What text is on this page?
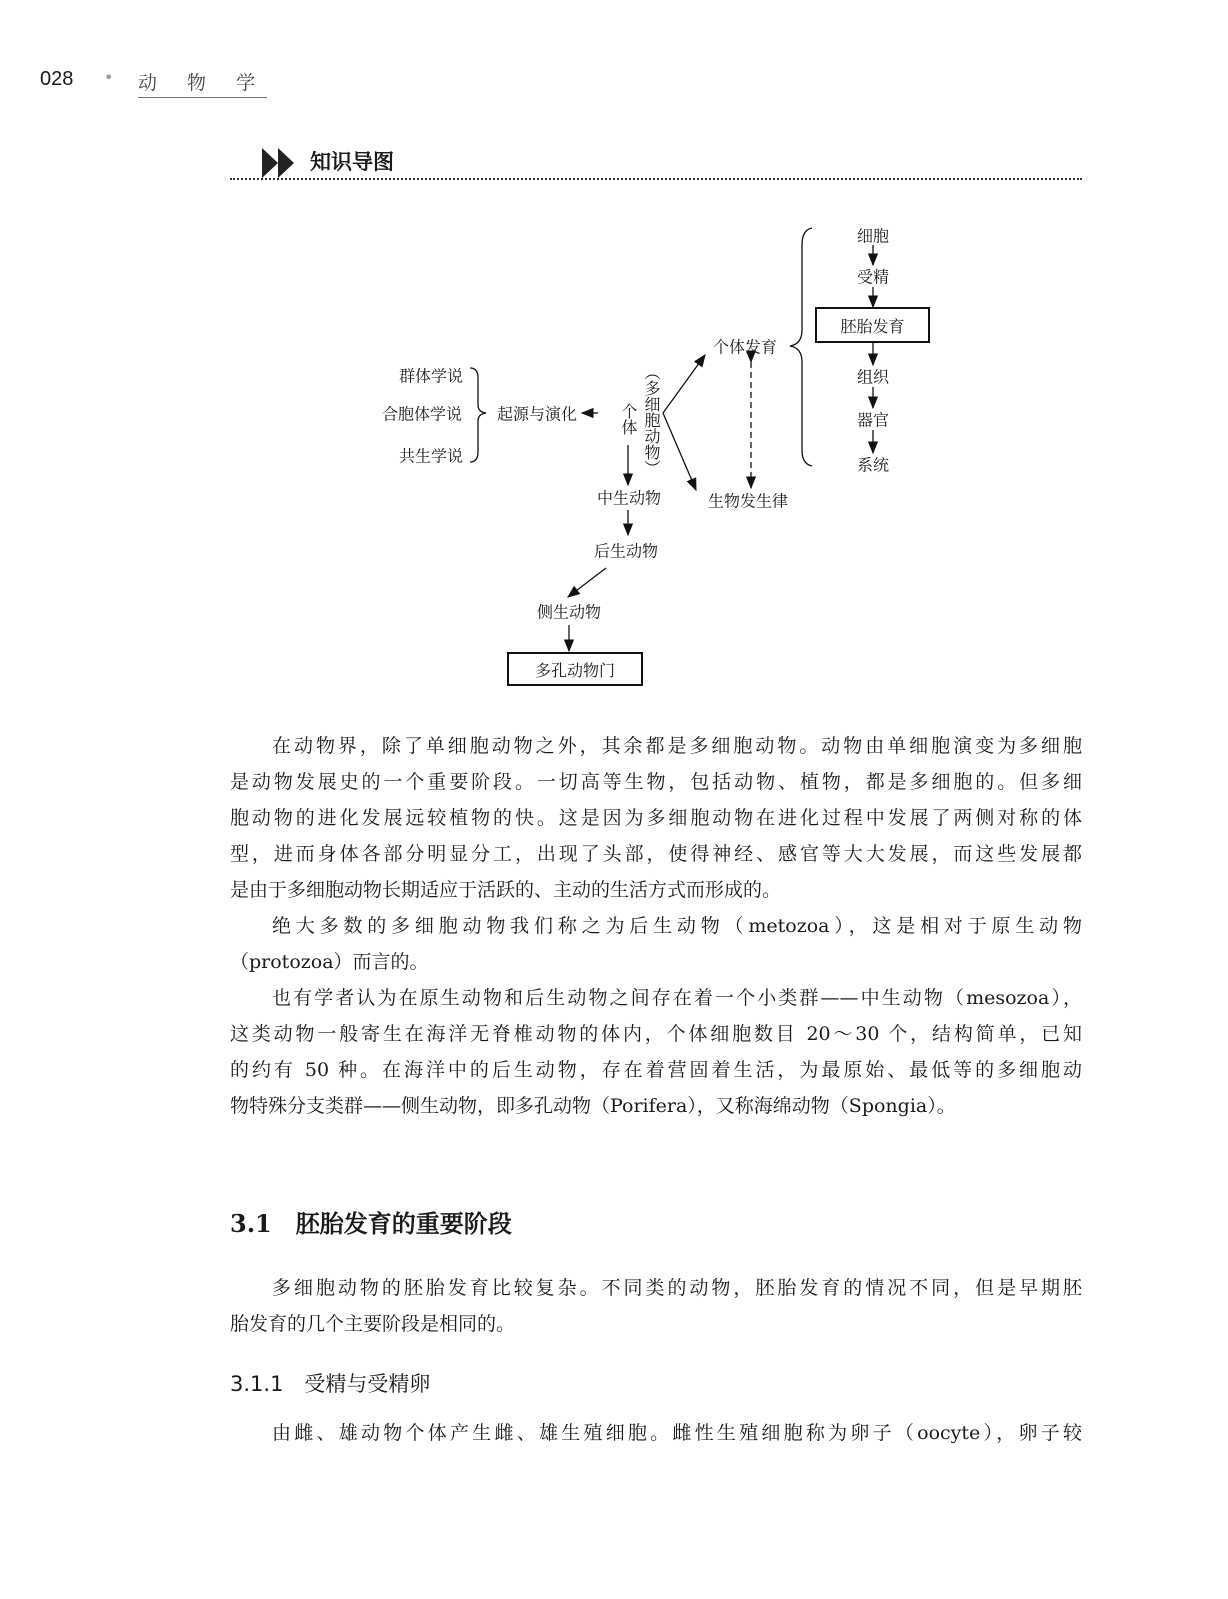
028 • 动 物 学
知识导图
群体学说
合胞体学说
共生学说
起源与演化	个体 （多细胞动物）
个体发育
生物发生律
细胞
受精
胚胎发育
组织
器官
系统
中生动物
后生动物
侧生动物
多孔动物门
在动物界，除了单细胞动物之外，其余都是多细胞动物。动物由单细胞演变为多细胞
是动物发展史的一个重要阶段。一切高等生物，包括动物、植物，都是多细胞的。但多细
胞动物的进化发展远较植物的快。这是因为多细胞动物在进化过程中发展了两侧对称的体
型，进而身体各部分明显分工，出现了头部，使得神经、感官等大大发展，而这些发展都
是由于多细胞动物长期适应于活跃的、主动的生活方式而形成的。
绝大多数的多细胞动物我们称之为后生动物（metozoa），这是相对于原生动物
（protozoa）而言的。
也有学者认为在原生动物和后生动物之间存在着一个小类群——中生动物（mesozoa），
这类动物一般寄生在海洋无脊椎动物的体内，个体细胞数目 20～30 个，结构简单，已知
的约有 50 种。在海洋中的后生动物，存在着营固着生活，为最原始、最低等的多细胞动
物特殊分支类群——侧生动物，即多孔动物（Porifera），又称海绵动物（Spongia）。
3.1　胚胎发育的重要阶段
多细胞动物的胚胎发育比较复杂。不同类的动物，胚胎发育的情况不同，但是早期胚
胎发育的几个主要阶段是相同的。
3.1.1　受精与受精卵
由雌、雄动物个体产生雌、雄生殖细胞。雌性生殖细胞称为卵子（oocyte），卵子较
